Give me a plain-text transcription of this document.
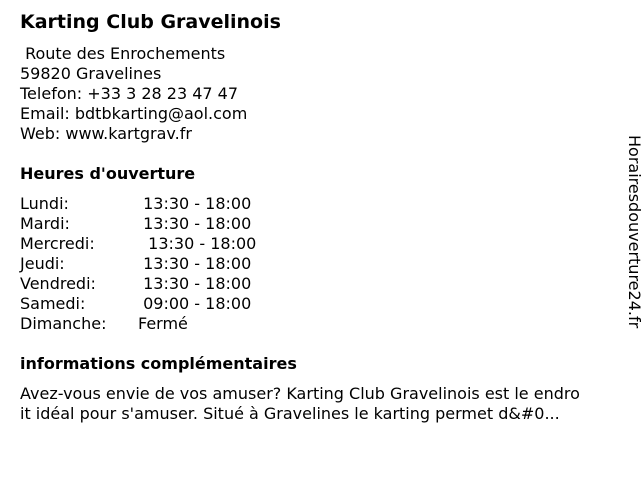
Karting Club Gravelinois
Route des Enrochements
59820 Gravelines
Telefon: +33 3 28 23 47 47
Email: bdtbkarting@aol.com
Web: www.kartgrav.fr
Heures d'ouverture
Lundi:	13:30 - 18:00
Mardi:	13:30 - 18:00
Mercredi:	13:30 - 18:00
Jeudi:	13:30 - 18:00
Vendredi:	13:30 - 18:00
Samedi:	09:00 - 18:00
Dimanche:	Fermé
informations complémentaires
Avez-vous envie de vos amuser? Karting Club Gravelinois est le endro
it idéal pour s'amuser. Situé à Gravelines le karting permet d&#0...
Horairesdouverture24.fr
